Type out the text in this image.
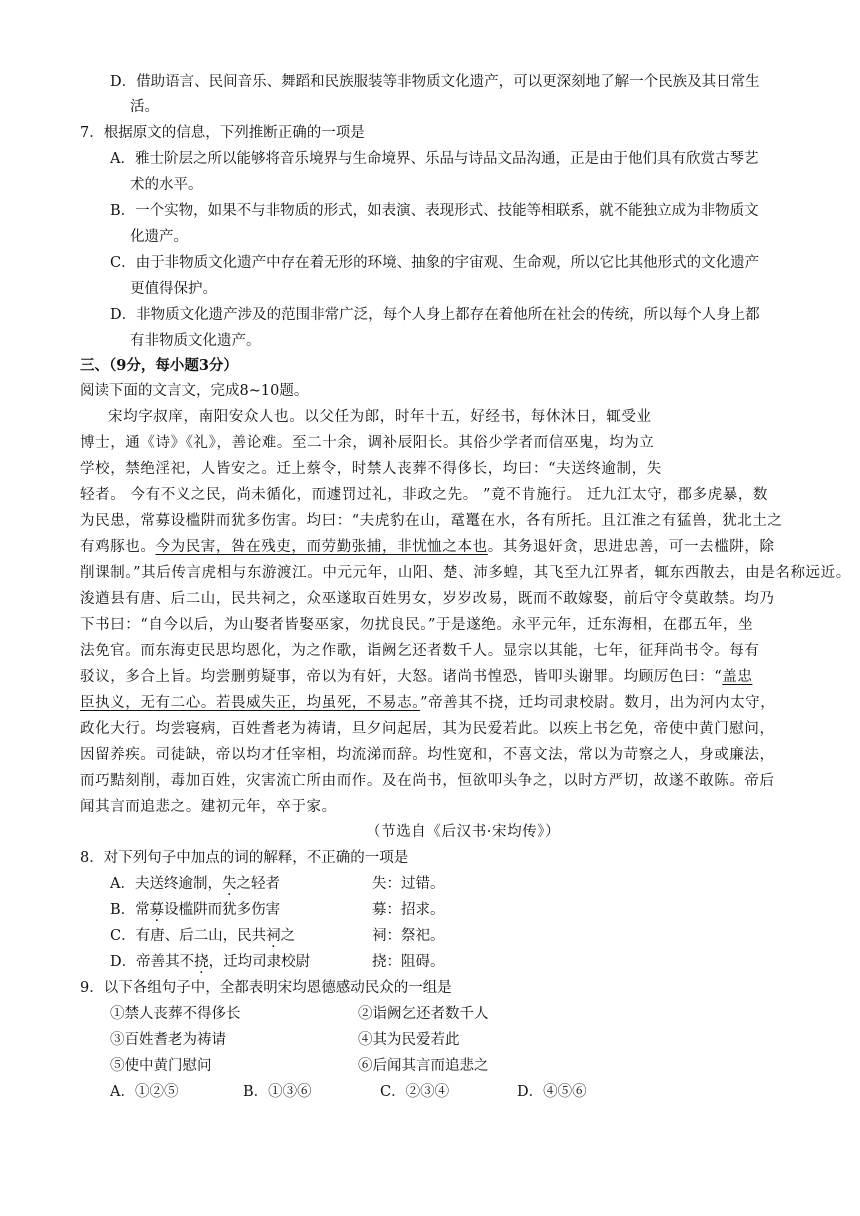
D．借助语言、民间音乐、舞蹈和民族服装等非物质文化遗产，可以更深刻地了解一个民族及其日常生
活。
7．根据原文的信息，下列推断正确的一项是
A．雅士阶层之所以能够将音乐境界与生命境界、乐品与诗品文品沟通，正是由于他们具有欣赏古琴艺
术的水平。
B．一个实物，如果不与非物质的形式，如表演、表现形式、技能等相联系，就不能独立成为非物质文
化遗产。
C．由于非物质文化遗产中存在着无形的环境、抽象的宇宙观、生命观，所以它比其他形式的文化遗产
更值得保护。
D．非物质文化遗产涉及的范围非常广泛，每个人身上都存在着他所在社会的传统，所以每个人身上都
有非物质文化遗产。
三、（9分，每小题3分）
阅读下面的文言文，完成8~10题。
宋均字叔庠，南阳安众人也。以父任为郎，时年十五，好经书，每休沐日，辄受业
博士，通《诗》《礼》，善论难。至二十余，调补辰阳长。其俗少学者而信巫鬼，均为立
学校，禁绝淫祀，人皆安之。迁上蔡令，时禁人丧葬不得侈长，均曰：“夫送终逾制，失
轻者。 今有不义之民，尚未循化，而遽罚过礼，非政之先。 ”竟不肯施行。 迁九江太守，郡多虎暴，数
为民患，常募设槛阱而犹多伤害。均曰：“夫虎豹在山，鼋鼍在水，各有所托。且江淮之有猛兽，犹北土之
有鸡豚也。今为民害，咎在残吏，而劳勤张捕，非忧恤之本也。其务退奸贪，思进忠善，可一去槛阱，除
削课制。”其后传言虎相与东游渡江。中元元年，山阳、楚、沛多蝗，其飞至九江界者，辄东西散去，由是名称远近。
浚遒县有唐、后二山，民共祠之，众巫遂取百姓男女，岁岁改易，既而不敢嫁娶，前后守令莫敢禁。均乃
下书曰：“自今以后，为山娶者皆娶巫家，勿扰良民。”于是遂绝。永平元年，迁东海相，在郡五年，坐
法免官。而东海吏民思均恩化，为之作歌，诣阙乞还者数千人。显宗以其能，七年，征拜尚书令。每有
驳议，多合上旨。均尝删剪疑事，帝以为有奸，大怒。诸尚书惶恐，皆叩头谢罪。均顾厉色曰：“盖忠
臣执义，无有二心。若畏威失正，均虽死，不易志。”帝善其不挠，迁均司隶校尉。数月，出为河内太守，
政化大行。均尝寝病，百姓耆老为祷请，旦夕问起居，其为民爱若此。以疾上书乞免，帝使中黄门慰问，
因留养疾。司徒缺，帝以均才任宰相，均流涕而辞。均性宽和，不喜文法，常以为苛察之人，身或廉法，
而巧黠刻削，毒加百姓，灾害流亡所由而作。及在尚书，恒欲叩头争之，以时方严切，故遂不敢陈。帝后
闻其言而追悲之。建初元年，卒于家。
（节选自《后汉书·宋均传》）
8．对下列句子中加点的词的解释，不正确的一项是
A．夫送终逾制，失之轻者	失：过错。
B．常募设槛阱而犹多伤害	募：招求。
C．有唐、后二山，民共祠之	祠：祭祀。
D．帝善其不挠，迁均司隶校尉	挠：阻碍。
9．以下各组句子中，全都表明宋均恩德感动民众的一组是
①禁人丧葬不得侈长	②诣阙乞还者数千人
③百姓耆老为祷请	④其为民爱若此
⑤使中黄门慰问	⑥后闻其言而追悲之
A．①②⑤	B．①③⑥	C．②③④	D．④⑤⑥
